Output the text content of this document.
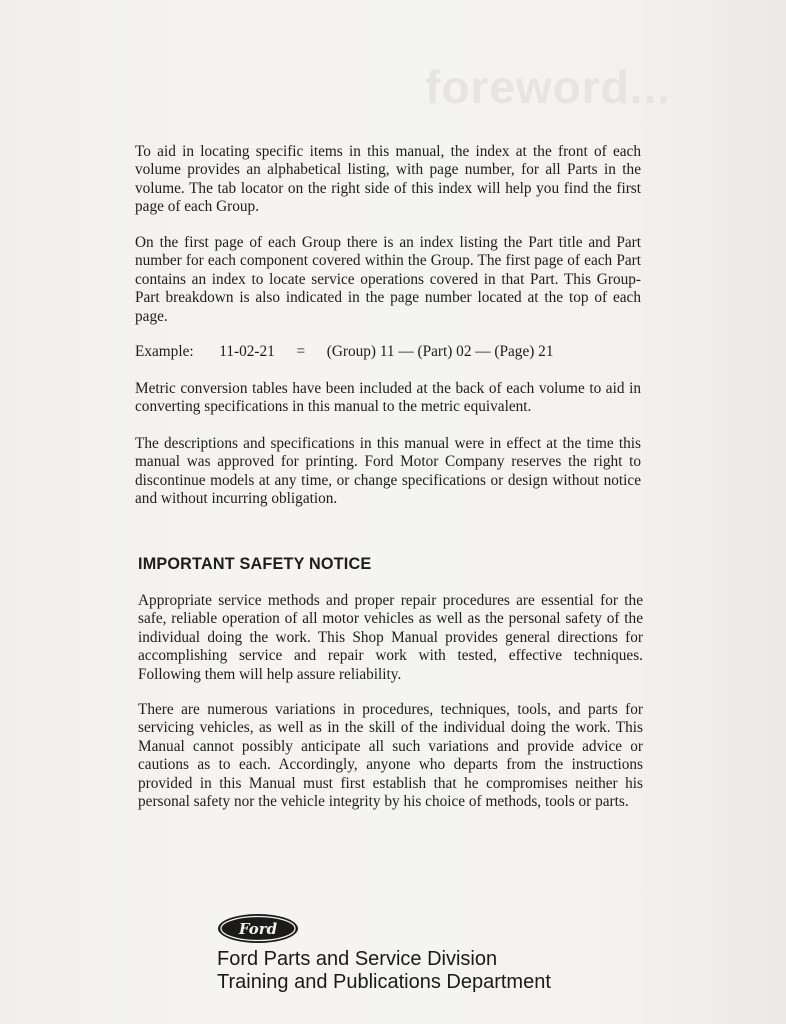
foreword...

To aid in locating specific items in this manual, the index at the front of each volume provides an alphabetical listing, with page number, for all Parts in the volume. The tab locator on the right side of this index will help you find the first page of each Group.

On the first page of each Group there is an index listing the Part title and Part number for each component covered within the Group. The first page of each Part contains an index to locate service operations covered in that Part. This Group-Part breakdown is also indicated in the page number located at the top of each page.

Example: 11-02-21 = (Group) 11 — (Part) 02 — (Page) 21

Metric conversion tables have been included at the back of each volume to aid in converting specifications in this manual to the metric equivalent.

The descriptions and specifications in this manual were in effect at the time this manual was approved for printing. Ford Motor Company reserves the right to discontinue models at any time, or change specifications or design without notice and without incurring obligation.

IMPORTANT SAFETY NOTICE

Appropriate service methods and proper repair procedures are essential for the safe, reliable operation of all motor vehicles as well as the personal safety of the individual doing the work. This Shop Manual provides general directions for accomplishing service and repair work with tested, effective techniques. Following them will help assure reliability.

There are numerous variations in procedures, techniques, tools, and parts for servicing vehicles, as well as in the skill of the individual doing the work. This Manual cannot possibly anticipate all such variations and provide advice or cautions as to each. Accordingly, anyone who departs from the instructions provided in this Manual must first establish that he compromises neither his personal safety nor the vehicle integrity by his choice of methods, tools or parts.

Ford
Ford Parts and Service Division
Training and Publications Department
